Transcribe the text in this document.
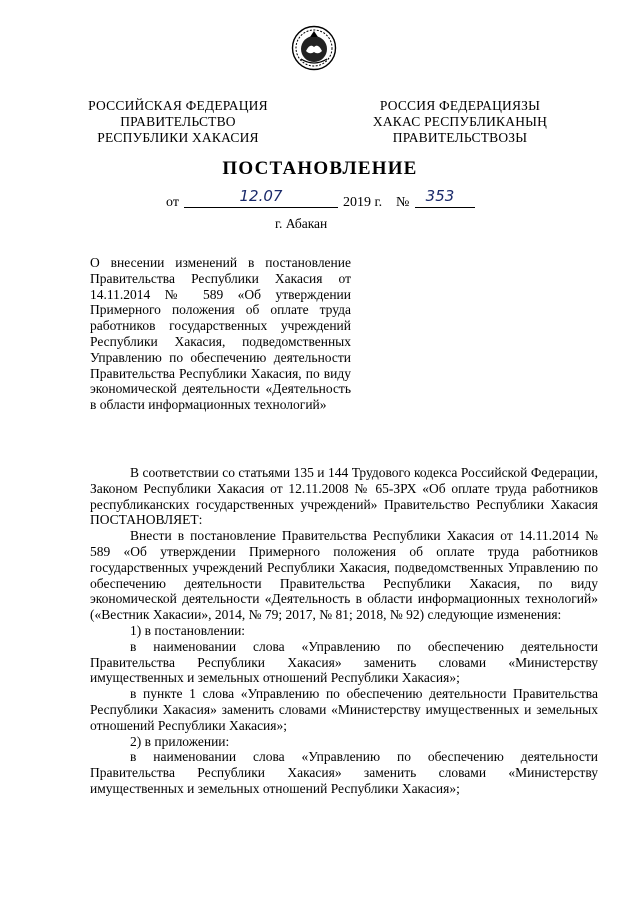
РОССИЙСКАЯ ФЕДЕРАЦИЯ
ПРАВИТЕЛЬСТВО
РЕСПУБЛИКИ ХАКАСИЯ
РОССИЯ ФЕДЕРАЦИЯЗЫ
ХАКАС РЕСПУБЛИКАНЫҢ
ПРАВИТЕЛЬСТВОЗЫ
ПОСТАНОВЛЕНИЕ
от	12.07	2019 г. №	353
г. Абакан
О внесении изменений в постановление Правительства Республики Хакасия от 14.11.2014 № 589 «Об утверждении Примерного положения об оплате труда работников государственных учреждений Республики Хакасия, подведомственных Управлению по обеспечению деятельности Правительства Республики Хакасия, по виду экономической деятельности «Деятельность в области информационных технологий»

В соответствии со статьями 135 и 144 Трудового кодекса Российской Федерации, Законом Республики Хакасия от 12.11.2008 № 65-ЗРХ «Об оплате труда работников республиканских государственных учреждений» Правительство Республики Хакасия ПОСТАНОВЛЯЕТ:

Внести в постановление Правительства Республики Хакасия от 14.11.2014 № 589 «Об утверждении Примерного положения об оплате труда работников государственных учреждений Республики Хакасия, подведомственных Управлению по обеспечению деятельности Правительства Республики Хакасия, по виду экономической деятельности «Деятельность в области информационных технологий» («Вестник Хакасии», 2014, № 79; 2017, № 81; 2018, № 92) следующие изменения:

1) в постановлении:

в наименовании слова «Управлению по обеспечению деятельности Правительства Республики Хакасия» заменить словами «Министерству имущественных и земельных отношений Республики Хакасия»;

в пункте 1 слова «Управлению по обеспечению деятельности Правительства Республики Хакасия» заменить словами «Министерству имущественных и земельных отношений Республики Хакасия»;

2) в приложении:

в наименовании слова «Управлению по обеспечению деятельности Правительства Республики Хакасия» заменить словами «Министерству имущественных и земельных отношений Республики Хакасия»;
